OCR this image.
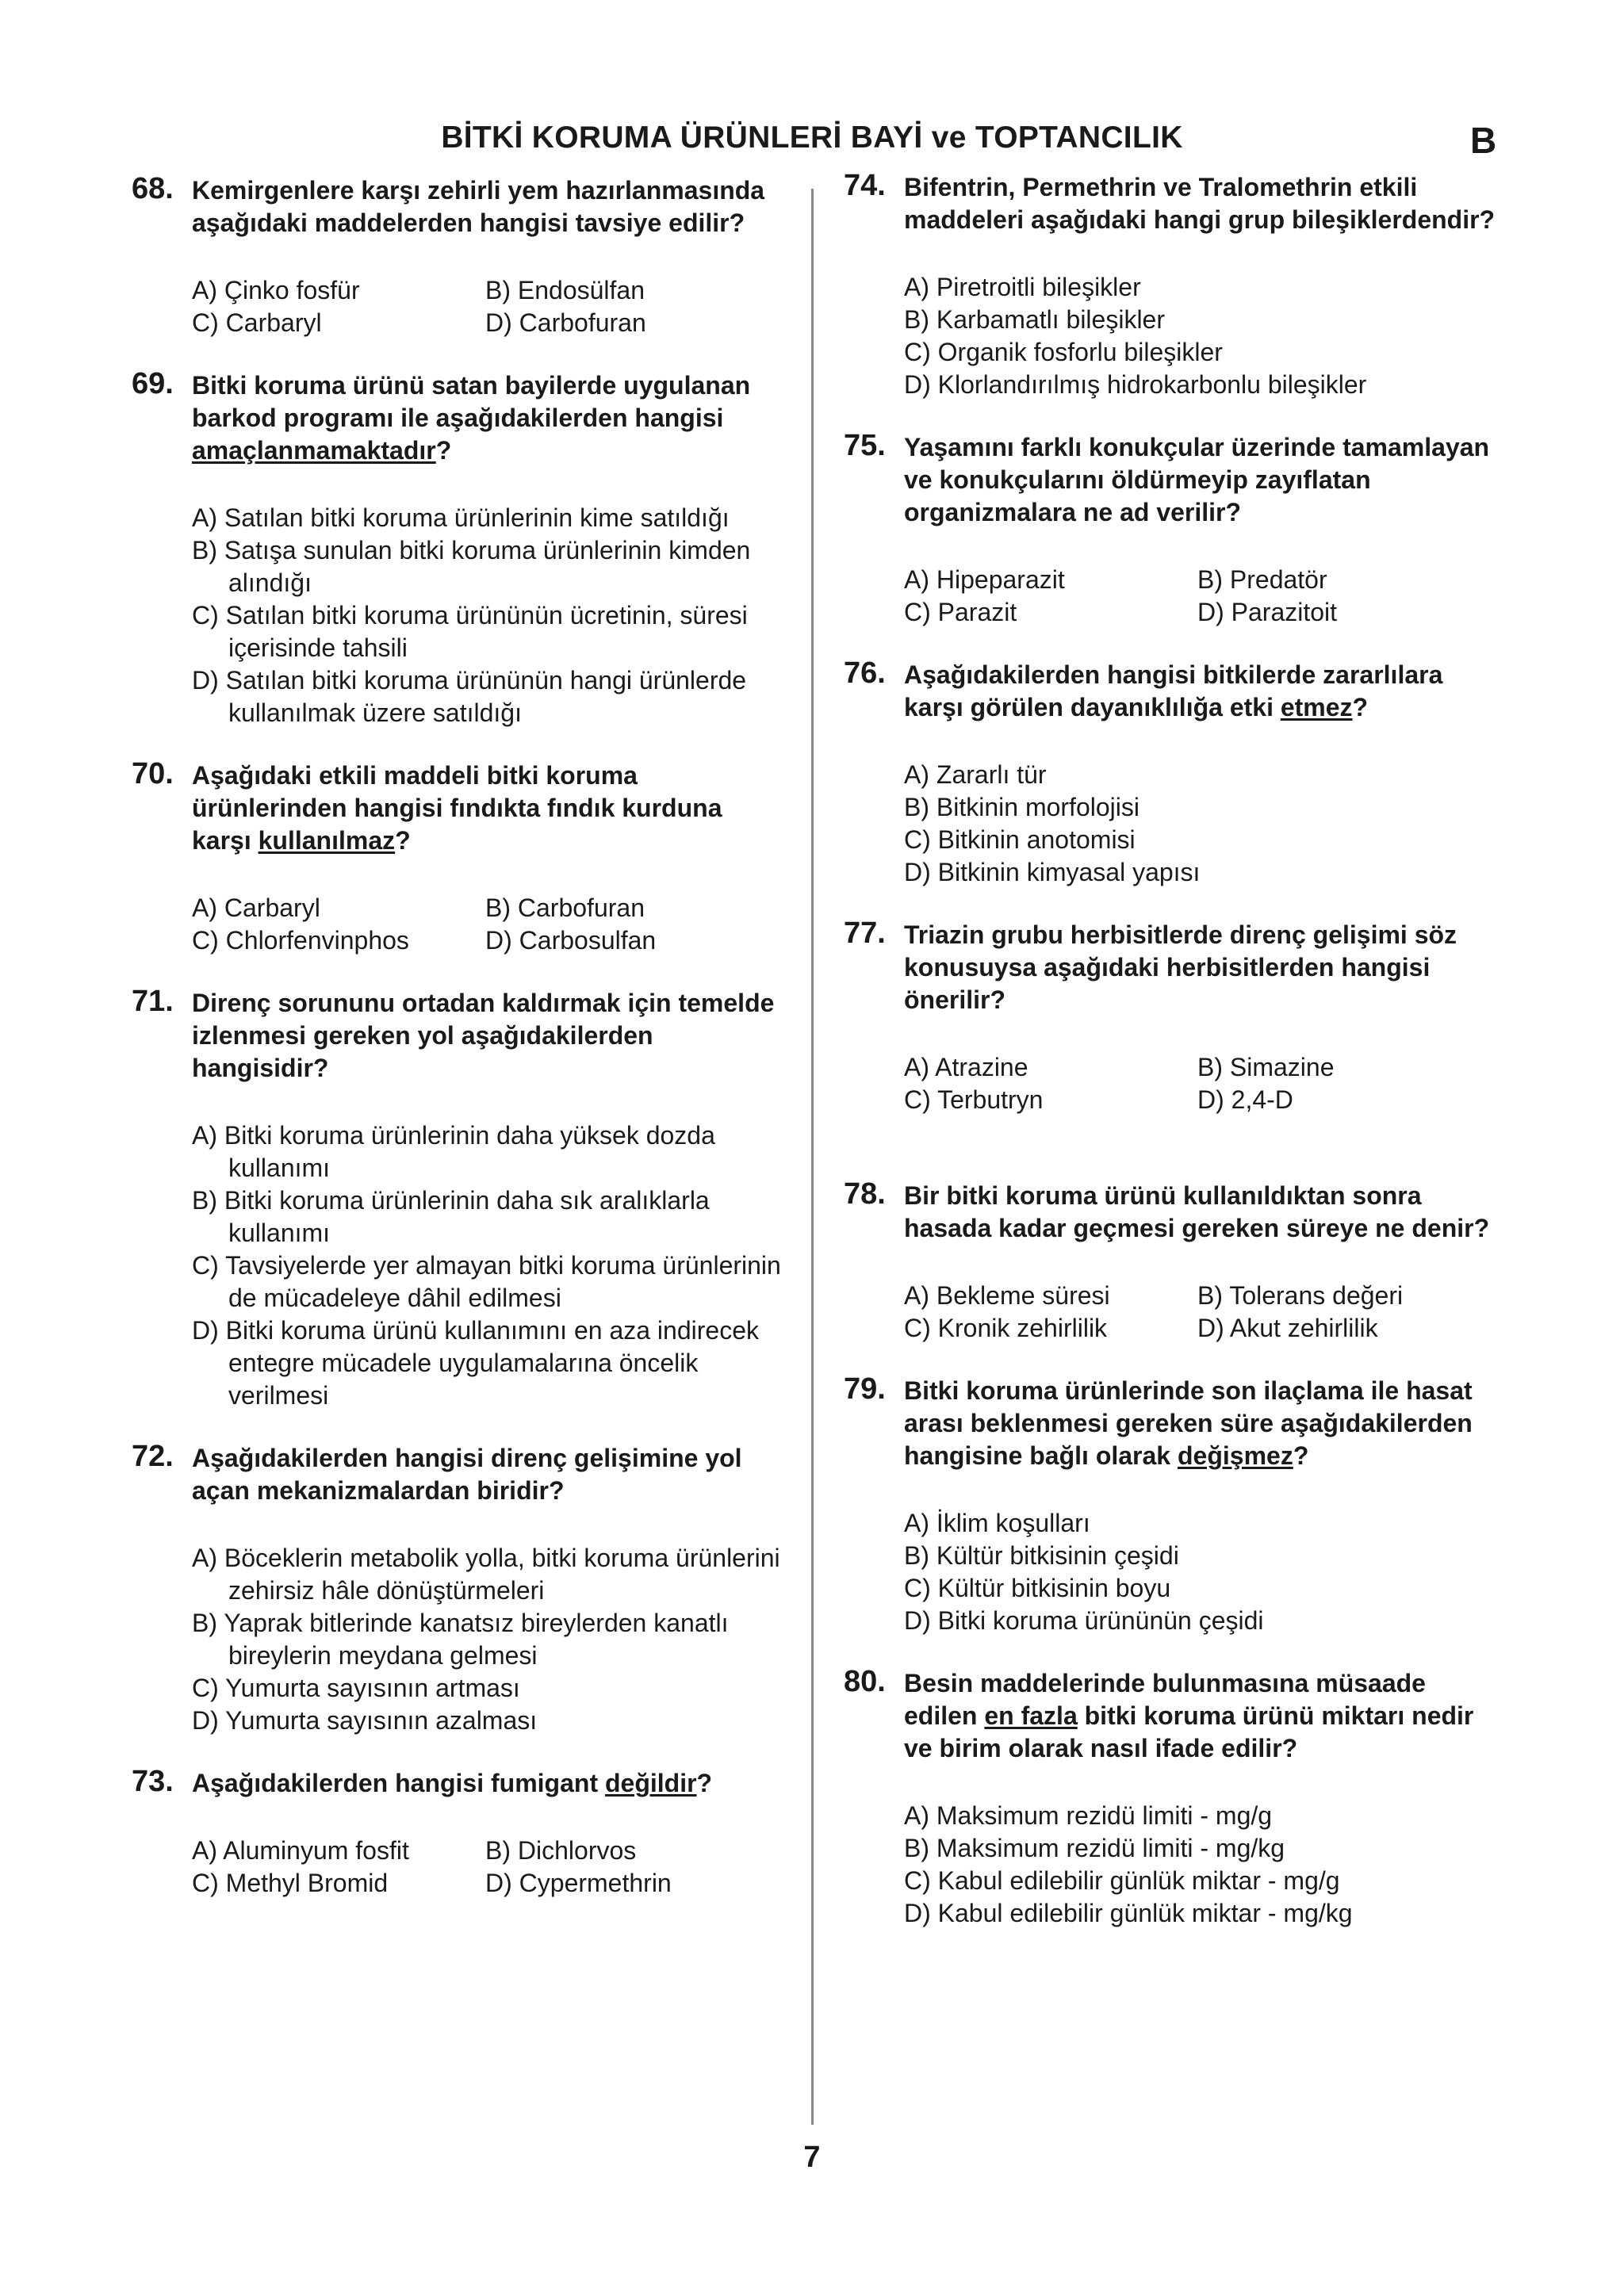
BİTKİ KORUMA ÜRÜNLERİ BAYİ ve TOPTANCILIK	B
68. Kemirgenlere karşı zehirli yem hazırlanmasında aşağıdaki maddelerden hangisi tavsiye edilir?
A) Çinko fosfür	B) Endosülfan
C) Carbaryl	D) Carbofuran
69. Bitki koruma ürünü satan bayilerde uygulanan barkod programı ile aşağıdakilerden hangisi amaçlanmamaktadır?
A) Satılan bitki koruma ürünlerinin kime satıldığı
B) Satışa sunulan bitki koruma ürünlerinin kimden alındığı
C) Satılan bitki koruma ürününün ücretinin, süresi içerisinde tahsili
D) Satılan bitki koruma ürününün hangi ürünlerde kullanılmak üzere satıldığı
70. Aşağıdaki etkili maddeli bitki koruma ürünlerinden hangisi fındıkta fındık kurduna karşı kullanılmaz?
A) Carbaryl	B) Carbofuran
C) Chlorfenvinphos	D) Carbosulfan
71. Direnç sorununu ortadan kaldırmak için temelde izlenmesi gereken yol aşağıdakilerden hangisidir?
A) Bitki koruma ürünlerinin daha yüksek dozda kullanımı
B) Bitki koruma ürünlerinin daha sık aralıklarla kullanımı
C) Tavsiyelerde yer almayan bitki koruma ürünlerinin de mücadeleye dâhil edilmesi
D) Bitki koruma ürünü kullanımını en aza indirecek entegre mücadele uygulamalarına öncelik verilmesi
72. Aşağıdakilerden hangisi direnç gelişimine yol açan mekanizmalardan biridir?
A) Böceklerin metabolik yolla, bitki koruma ürünlerini zehirsiz hâle dönüştürmeleri
B) Yaprak bitlerinde kanatsız bireylerden kanatlı bireylerin meydana gelmesi
C) Yumurta sayısının artması
D) Yumurta sayısının azalması
73. Aşağıdakilerden hangisi fumigant değildir?
A) Aluminyum fosfit	B) Dichlorvos
C) Methyl Bromid	D) Cypermethrin
74. Bifentrin, Permethrin ve Tralomethrin etkili maddeleri aşağıdaki hangi grup bileşiklerdendir?
A) Piretroitli bileşikler
B) Karbamatlı bileşikler
C) Organik fosforlu bileşikler
D) Klorlandırılmış hidrokarbonlu bileşikler
75. Yaşamını farklı konukçular üzerinde tamamlayan ve konukçularını öldürmeyip zayıflatan organizmalara ne ad verilir?
A) Hipeparazit	B) Predatör
C) Parazit	D) Parazitoit
76. Aşağıdakilerden hangisi bitkilerde zararlılara karşı görülen dayanıklılığa etki etmez?
A) Zararlı tür
B) Bitkinin morfolojisi
C) Bitkinin anotomisi
D) Bitkinin kimyasal yapısı
77. Triazin grubu herbisitlerde direnç gelişimi söz konusuysa aşağıdaki herbisitlerden hangisi önerilir?
A) Atrazine	B) Simazine
C) Terbutryn	D) 2,4-D
78. Bir bitki koruma ürünü kullanıldıktan sonra hasada kadar geçmesi gereken süreye ne denir?
A) Bekleme süresi	B) Tolerans değeri
C) Kronik zehirlilik	D) Akut zehirlilik
79. Bitki koruma ürünlerinde son ilaçlama ile hasat arası beklenmesi gereken süre aşağıdakilerden hangisine bağlı olarak değişmez?
A) İklim koşulları
B) Kültür bitkisinin çeşidi
C) Kültür bitkisinin boyu
D) Bitki koruma ürününün çeşidi
80. Besin maddelerinde bulunmasına müsaade edilen en fazla bitki koruma ürünü miktarı nedir ve birim olarak nasıl ifade edilir?
A) Maksimum rezidü limiti - mg/g
B) Maksimum rezidü limiti - mg/kg
C) Kabul edilebilir günlük miktar - mg/g
D) Kabul edilebilir günlük miktar - mg/kg
7
